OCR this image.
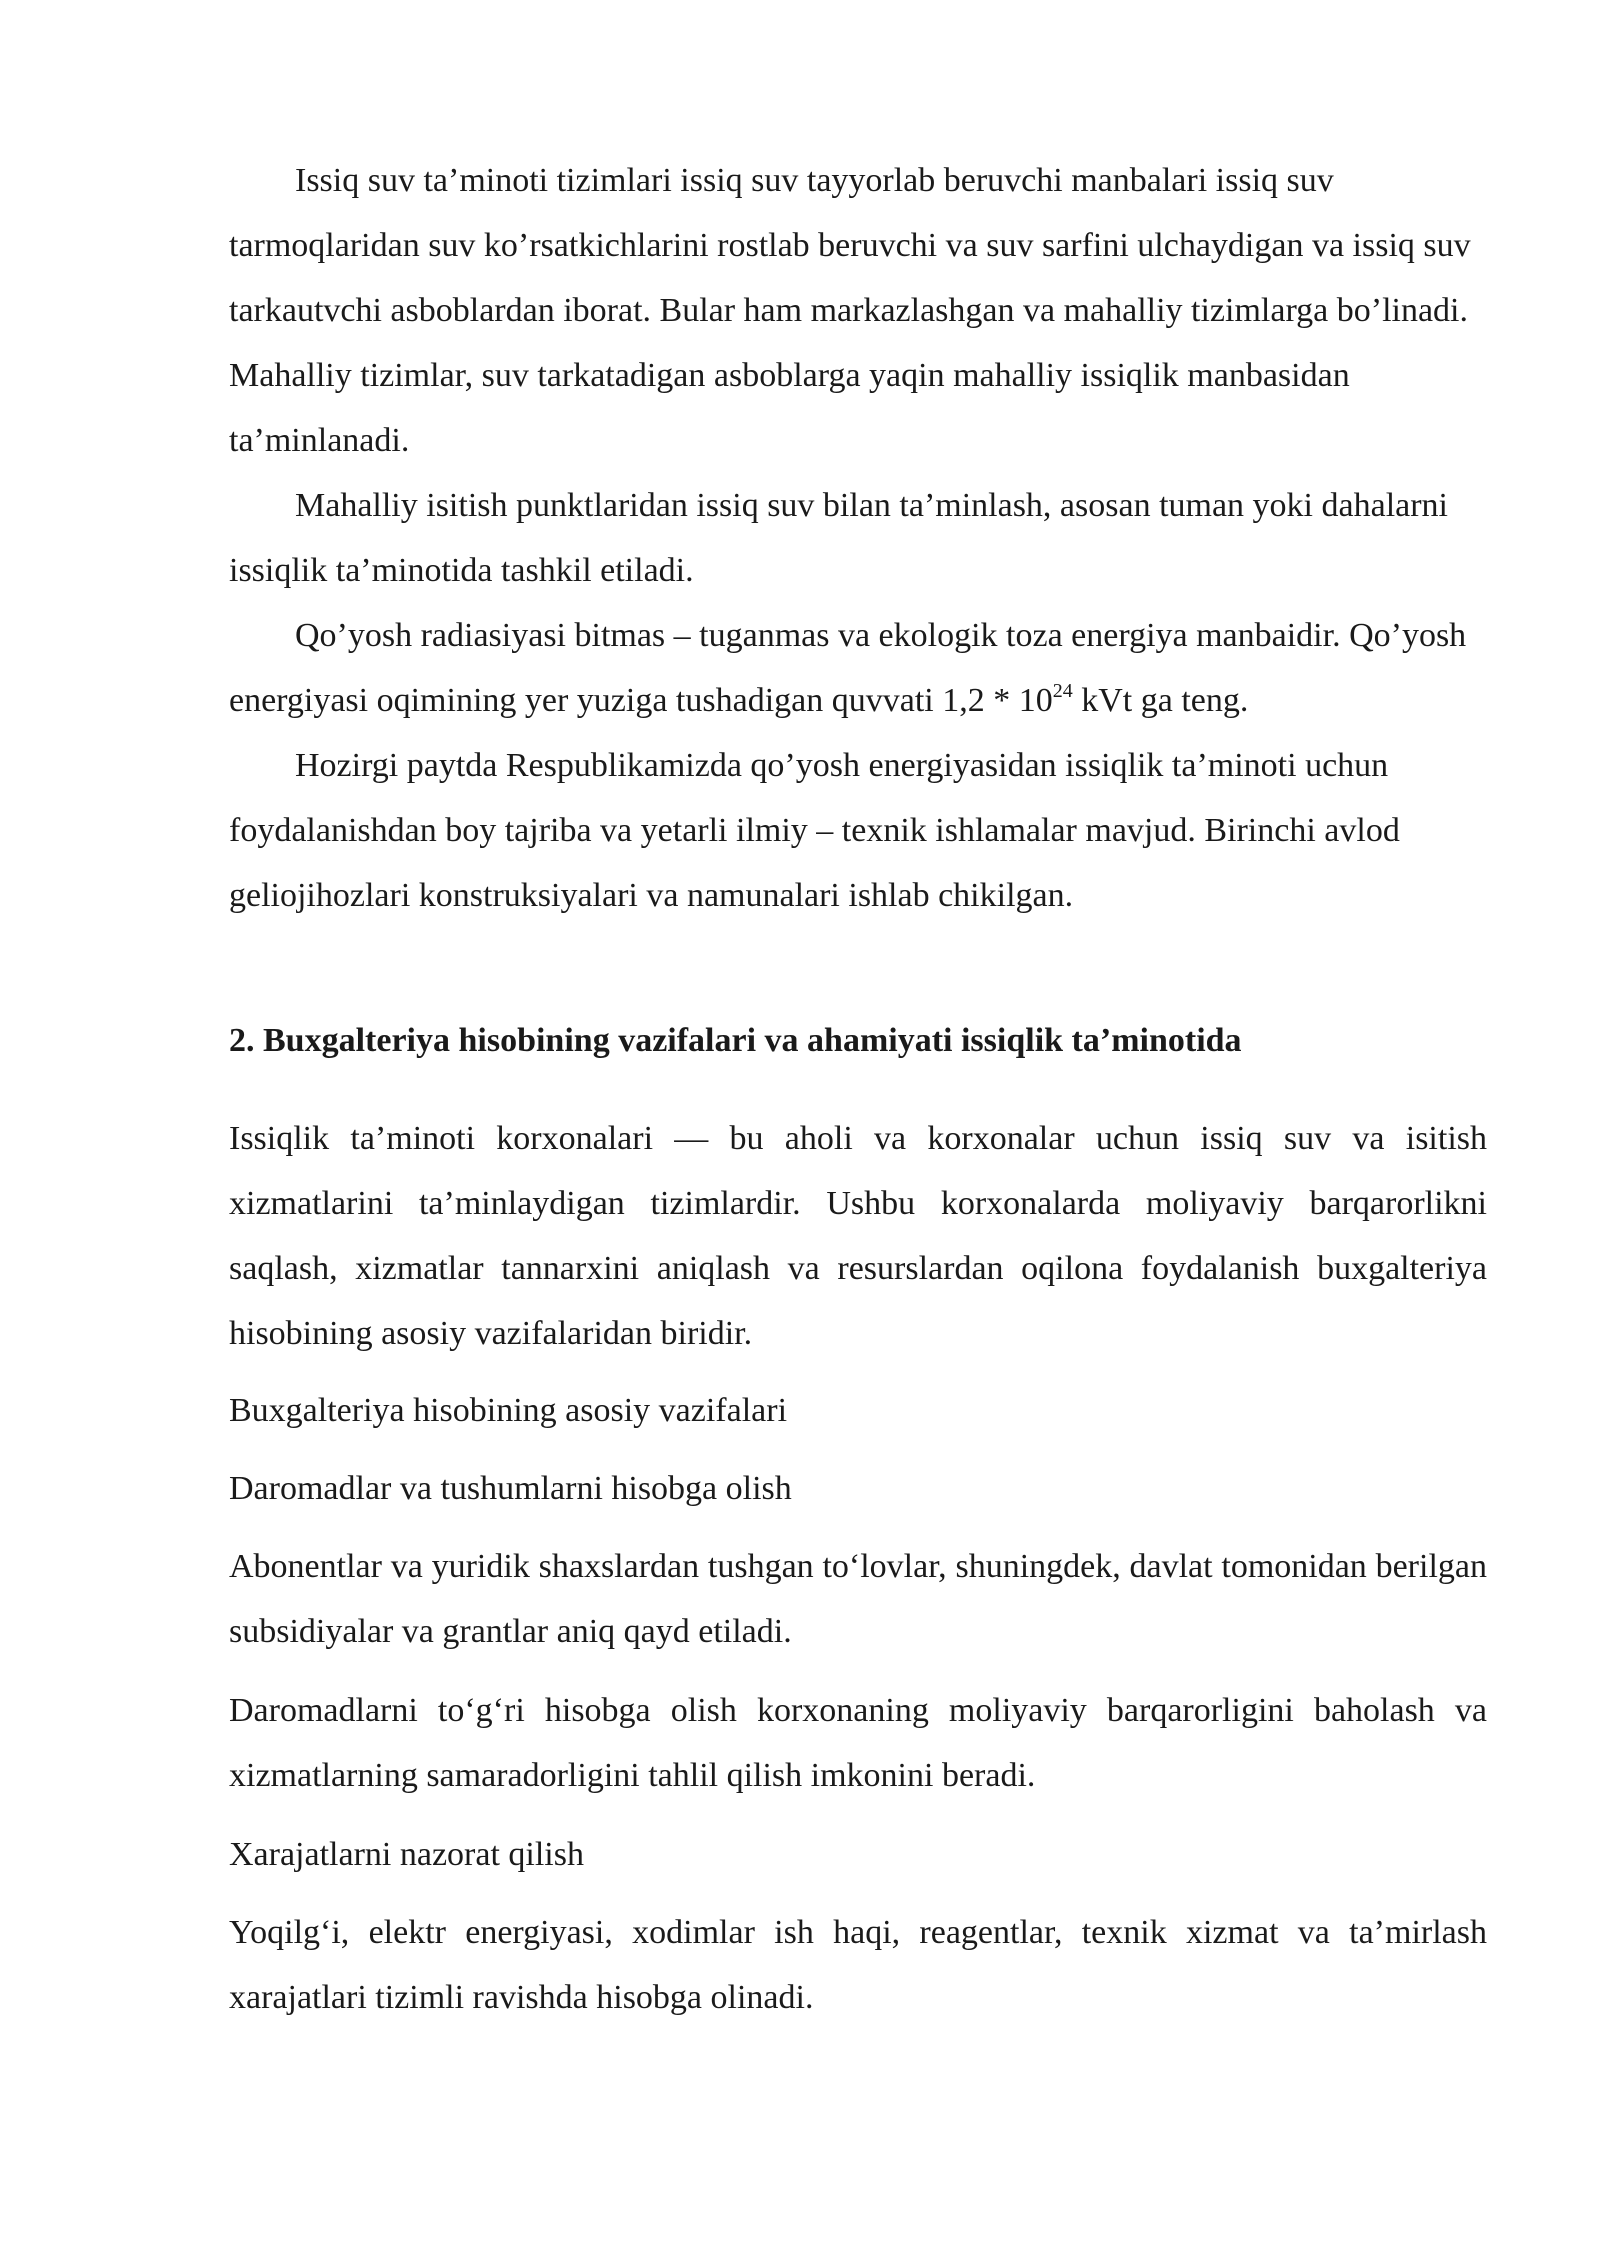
Issiq suv ta’minoti tizimlari issiq suv tayyorlab beruvchi manbalari issiq suv tarmoqlaridan suv ko’rsatkichlarini rostlab beruvchi va suv sarfini ulchaydigan va issiq suv tarkautvchi asboblardan iborat. Bular ham markazlashgan va mahalliy tizimlarga bo’linadi. Mahalliy tizimlar, suv tarkatadigan asboblarga yaqin mahalliy issiqlik manbasidan ta’minlanadi.

Mahalliy isitish punktlaridan issiq suv bilan ta’minlash, asosan tuman yoki dahalarni issiqlik ta’minotida tashkil etiladi.

Qo’yosh radiasiyasi bitmas – tuganmas va ekologik toza energiya manbaidir. Qo’yosh energiyasi oqimining yer yuziga tushadigan quvvati $1,2 * 10^{24}$ kVt ga teng.

Hozirgi paytda Respublikamizda qo’yosh energiyasidan issiqlik ta’minoti uchun foydalanishdan boy tajriba va yetarli ilmiy – texnik ishlamalar mavjud. Birinchi avlod geliojihozlari konstruksiyalari va namunalari ishlab chikilgan.

2. Buxgalteriya hisobining vazifalari va ahamiyati issiqlik ta’minotida

Issiqlik ta’minoti korxonalari — bu aholi va korxonalar uchun issiq suv va isitish xizmatlarini ta’minlaydigan tizimlardir. Ushbu korxonalarda moliyaviy barqarorlikni saqlash, xizmatlar tannarxini aniqlash va resurslardan oqilona foydalanish buxgalteriya hisobining asosiy vazifalaridan biridir.

Buxgalteriya hisobining asosiy vazifalari

Daromadlar va tushumlarni hisobga olish

Abonentlar va yuridik shaxslardan tushgan to‘lovlar, shuningdek, davlat tomonidan berilgan subsidiyalar va grantlar aniq qayd etiladi.

Daromadlarni to‘g‘ri hisobga olish korxonaning moliyaviy barqarorligini baholash va xizmatlarning samaradorligini tahlil qilish imkonini beradi.

Xarajatlarni nazorat qilish

Yoqilg‘i, elektr energiyasi, xodimlar ish haqi, reagentlar, texnik xizmat va ta’mirlash xarajatlari tizimli ravishda hisobga olinadi.
